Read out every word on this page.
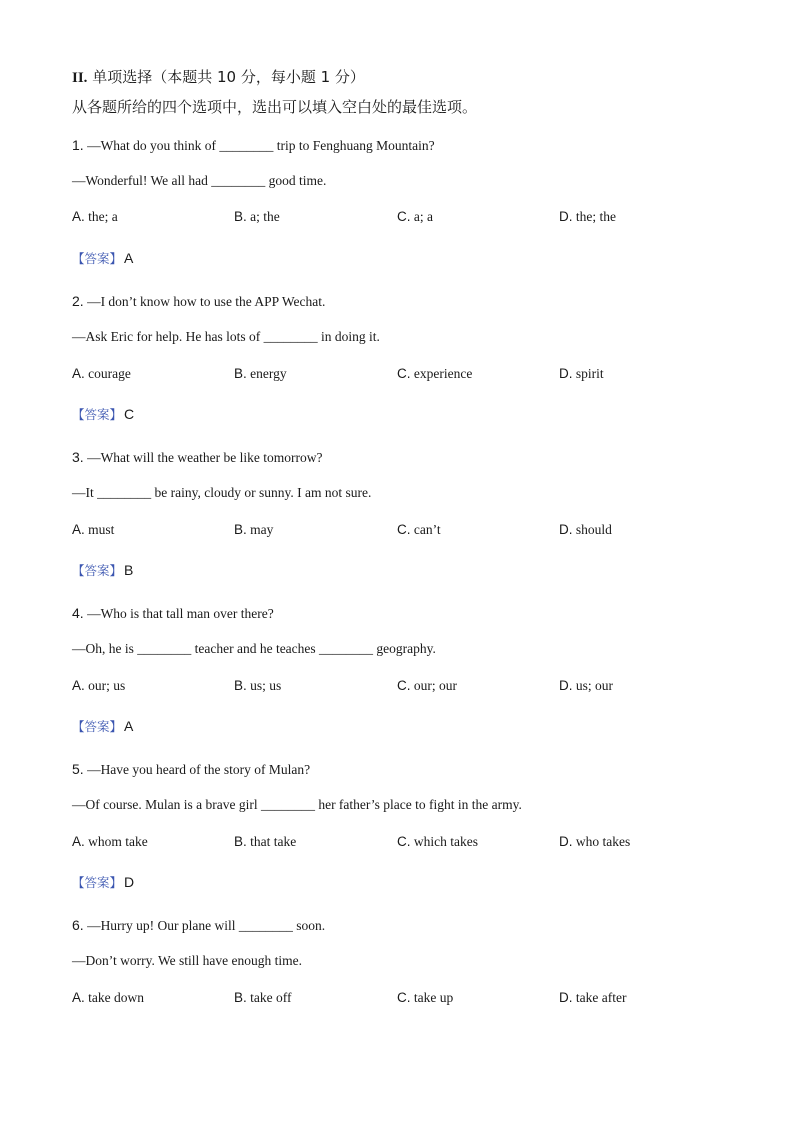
II. 单项选择（本题共 10 分，每小题 1 分）
从各题所给的四个选项中，选出可以填入空白处的最佳选项。
1. —What do you think of ________ trip to Fenghuang Mountain?
—Wonderful! We all had ________ good time.
A. the; a	B. a; the	C. a; a	D. the; the
【答案】 A
2. —I don’t know how to use the APP Wechat.
—Ask Eric for help. He has lots of ________ in doing it.
A. courage	B. energy	C. experience	D. spirit
【答案】 C
3. —What will the weather be like tomorrow?
—It ________ be rainy, cloudy or sunny. I am not sure.
A. must	B. may	C. can’t	D. should
【答案】 B
4. —Who is that tall man over there?
—Oh, he is ________ teacher and he teaches ________ geography.
A. our; us	B. us; us	C. our; our	D. us; our
【答案】 A
5. —Have you heard of the story of Mulan?
—Of course. Mulan is a brave girl ________ her father’s place to fight in the army.
A. whom take	B. that take	C. which takes	D. who takes
【答案】 D
6. —Hurry up! Our plane will ________ soon.
—Don’t worry. We still have enough time.
A. take down	B. take off	C. take up	D. take after
